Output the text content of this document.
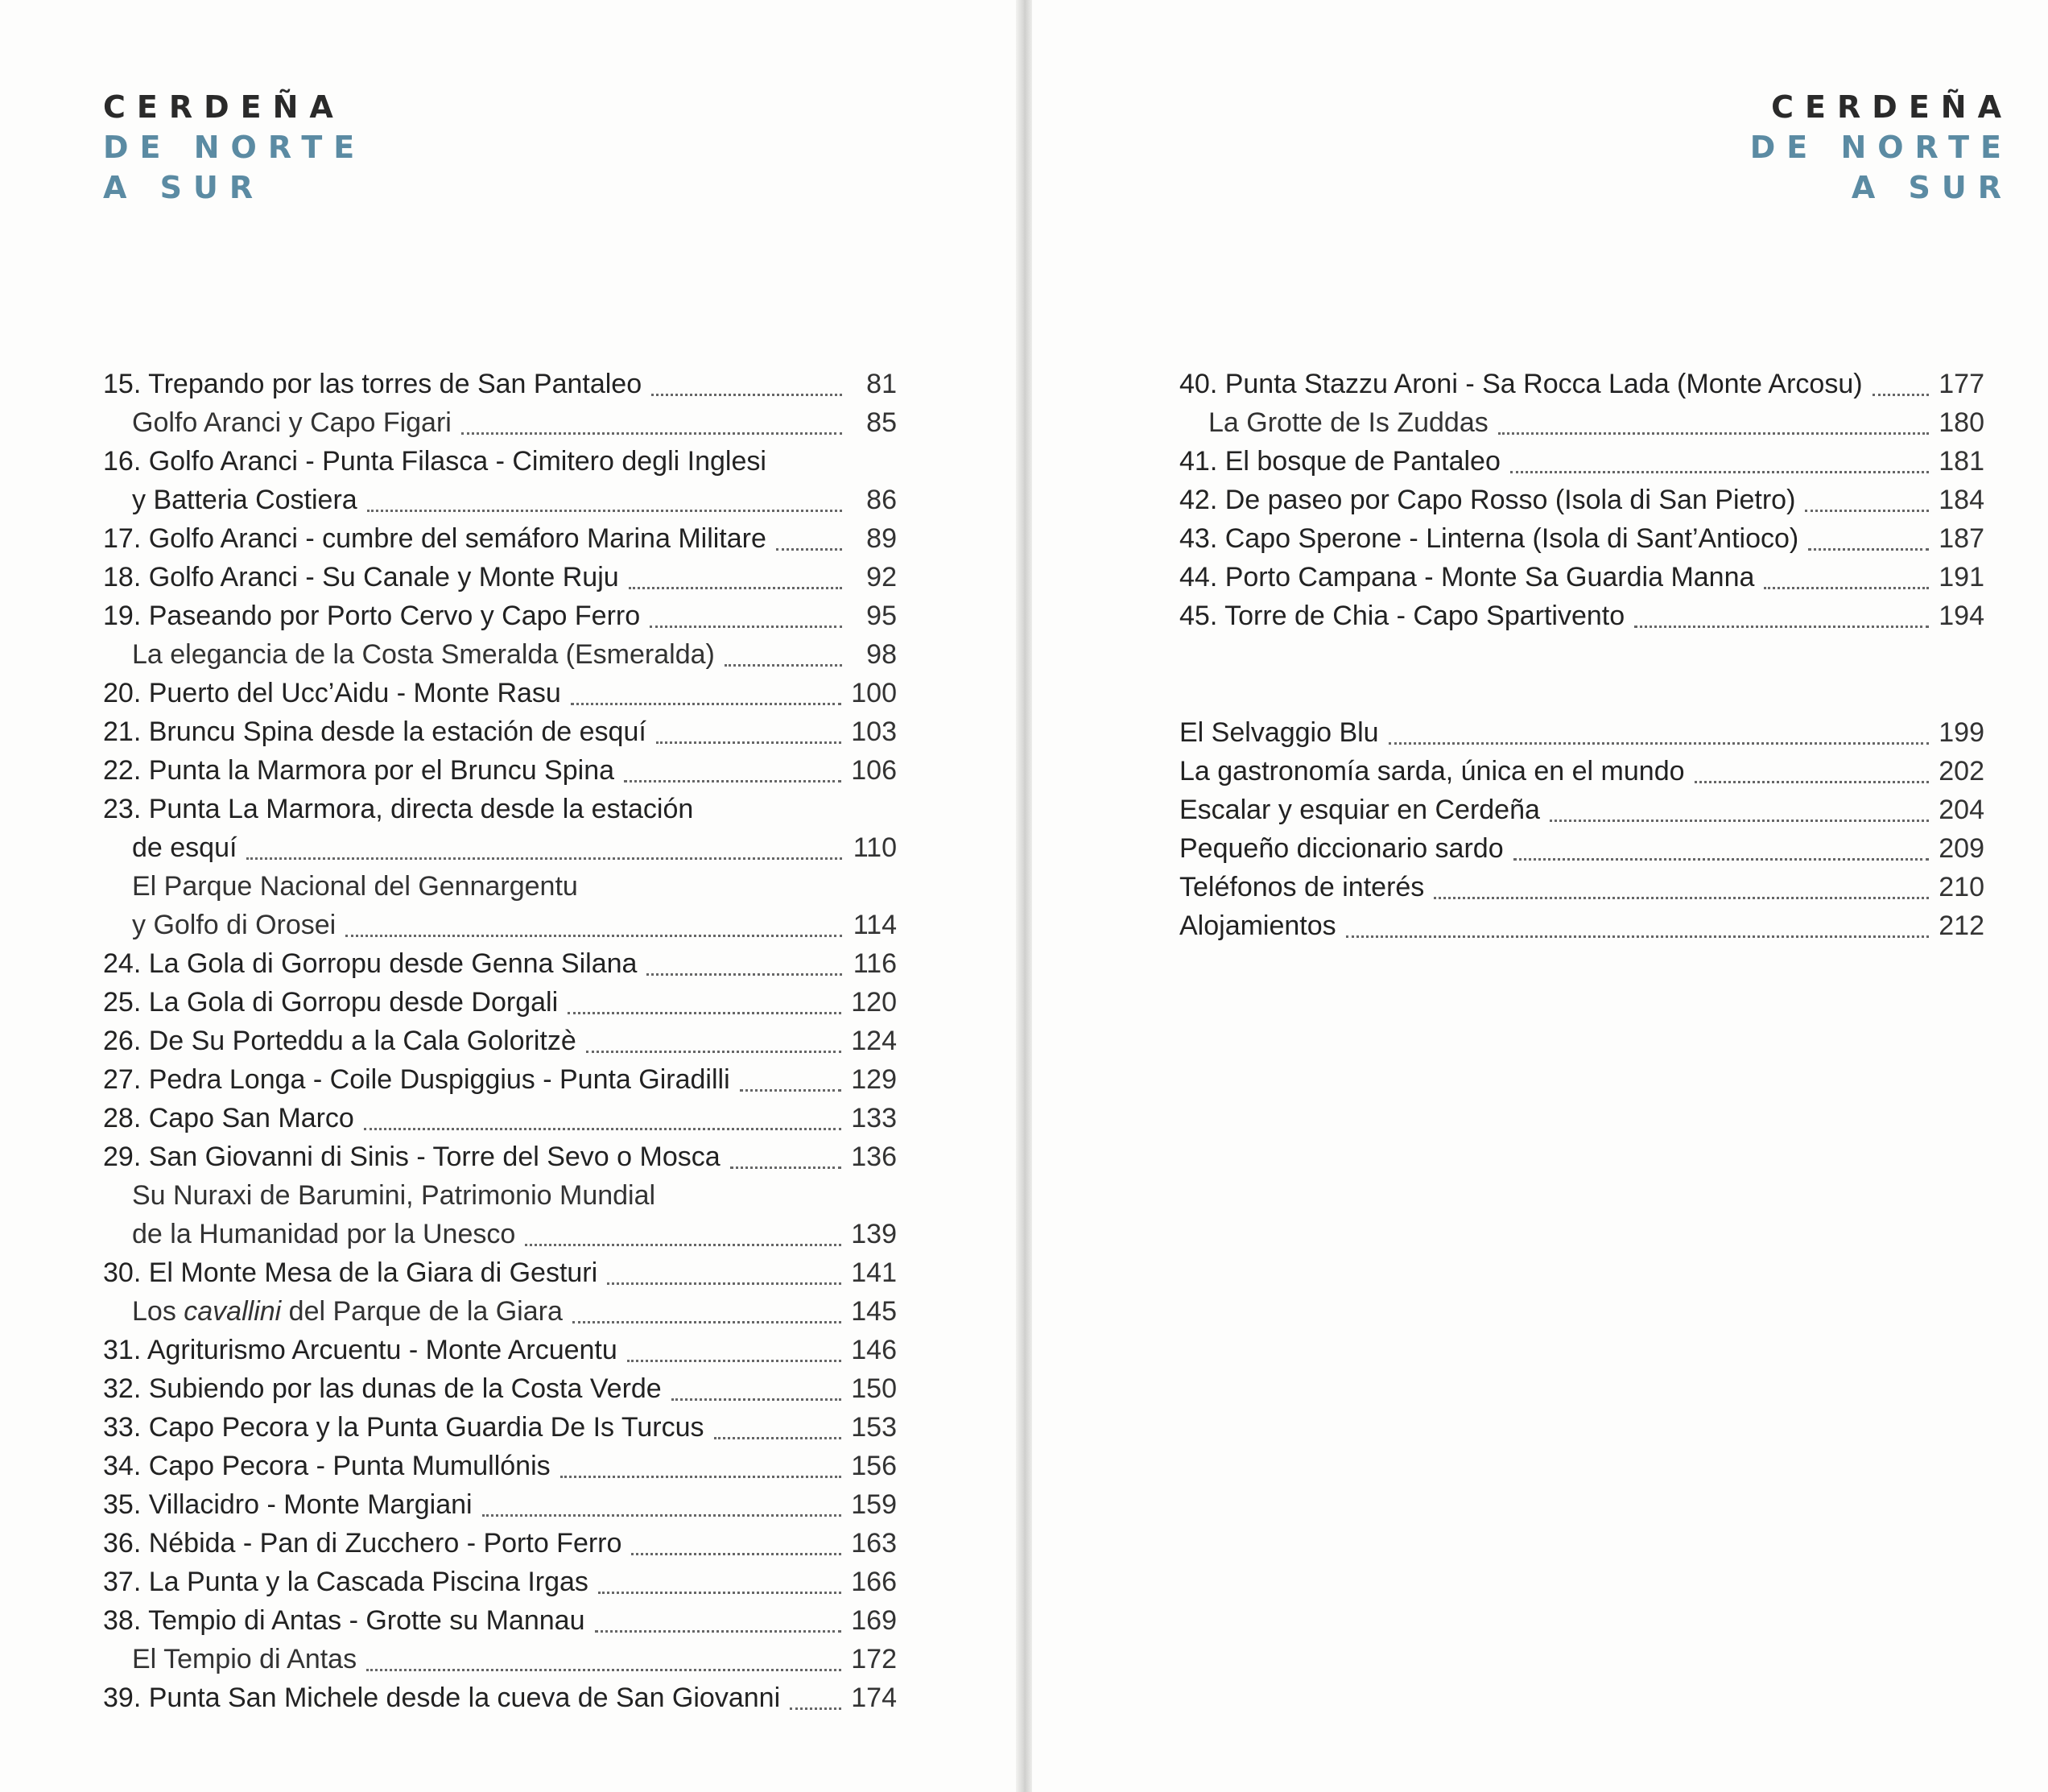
CERDEÑA
DE NORTE
A SUR
15. Trepando por las torres de San Pantaleo	81
Golfo Aranci y Capo Figari	85
16. Golfo Aranci - Punta Filasca - Cimitero degli Inglesi
y Batteria Costiera	86
17. Golfo Aranci - cumbre del semáforo Marina Militare	89
18. Golfo Aranci - Su Canale y Monte Ruju	92
19. Paseando por Porto Cervo y Capo Ferro	95
La elegancia de la Costa Smeralda (Esmeralda)	98
20. Puerto del Ucc’Aidu - Monte Rasu	100
21. Bruncu Spina desde la estación de esquí	103
22. Punta la Marmora por el Bruncu Spina	106
23. Punta La Marmora, directa desde la estación
de esquí	110
El Parque Nacional del Gennargentu
y Golfo di Orosei	114
24. La Gola di Gorropu desde Genna Silana	116
25. La Gola di Gorropu desde Dorgali	120
26. De Su Porteddu a la Cala Goloritzè	124
27. Pedra Longa - Coile Duspiggius - Punta Giradilli	129
28. Capo San Marco	133
29. San Giovanni di Sinis - Torre del Sevo o Mosca	136
Su Nuraxi de Barumini, Patrimonio Mundial
de la Humanidad por la Unesco	139
30. El Monte Mesa de la Giara di Gesturi	141
Los cavallini del Parque de la Giara	145
31. Agriturismo Arcuentu - Monte Arcuentu	146
32. Subiendo por las dunas de la Costa Verde	150
33. Capo Pecora y la Punta Guardia De Is Turcus	153
34. Capo Pecora - Punta Mumullónis	156
35. Villacidro - Monte Margiani	159
36. Nébida - Pan di Zucchero - Porto Ferro	163
37. La Punta y la Cascada Piscina Irgas	166
38. Tempio di Antas - Grotte su Mannau	169
El Tempio di Antas	172
39. Punta San Michele desde la cueva de San Giovanni	174
CERDEÑA
DE NORTE
A SUR
40. Punta Stazzu Aroni - Sa Rocca Lada (Monte Arcosu)	177
La Grotte de Is Zuddas	180
41. El bosque de Pantaleo	181
42. De paseo por Capo Rosso (Isola di San Pietro)	184
43. Capo Sperone - Linterna (Isola di Sant’Antioco)	187
44. Porto Campana - Monte Sa Guardia Manna	191
45. Torre de Chia - Capo Spartivento	194
El Selvaggio Blu	199
La gastronomía sarda, única en el mundo	202
Escalar y esquiar en Cerdeña	204
Pequeño diccionario sardo	209
Teléfonos de interés	210
Alojamientos	212
